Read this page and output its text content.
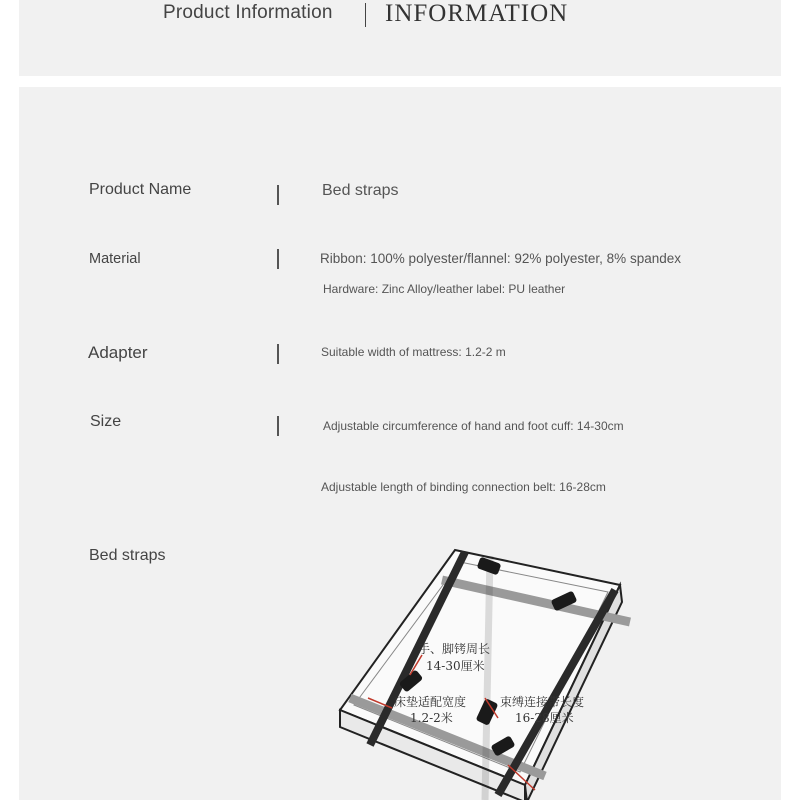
Product Information INFORMATION
Product Name	Bed straps
Material	Ribbon: 100% polyester/flannel: 92% polyester, 8% spandex
Hardware: Zinc Alloy/leather label: PU leather
Adapter	Suitable width of mattress: 1.2-2 m
Size	Adjustable circumference of hand and foot cuff: 14-30cm
Adjustable length of binding connection belt: 16-28cm
Bed straps
手、脚铐周长
14-30厘米
床垫适配宽度
1.2-2米
束缚连接带长度
16-28厘米
